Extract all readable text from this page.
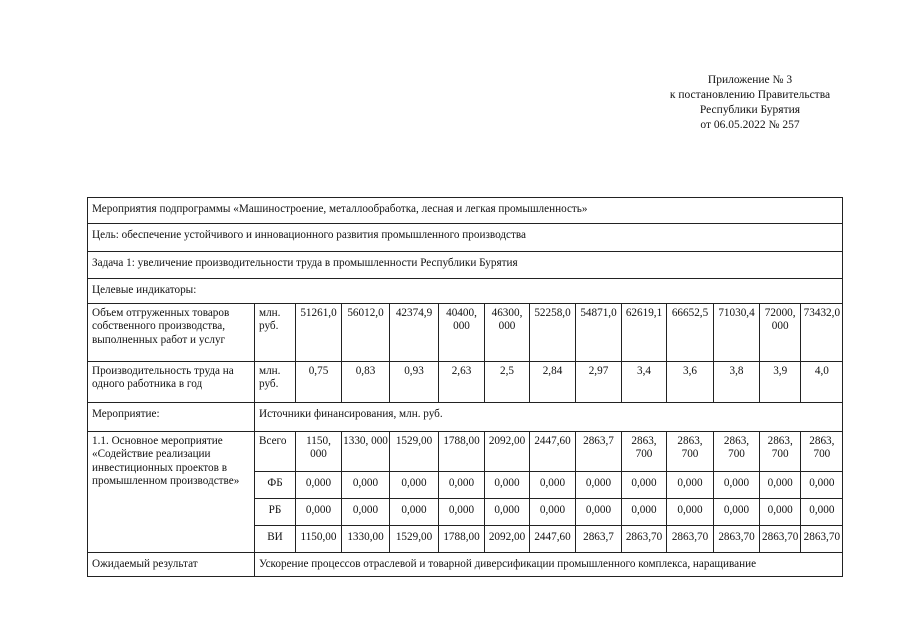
Приложение № 3
к постановлению Правительства
Республики Бурятия
от 06.05.2022 № 257
Мероприятия подпрограммы «Машиностроение, металлообработка, лесная и легкая промышленность»													
Цель: обеспечение устойчивого и инновационного развития промышленного производства													
Задача 1: увеличение производительности труда в промышленности Республики Бурятия													
Целевые индикаторы:													
Объем отгруженных товаров собственного производства, выполненных работ и услуг	млн. руб.	51261,0	56012,0	42374,9	40400, 000	46300, 000	52258,0	54871,0	62619,1	66652,5	71030,4	72000, 000	73432,0
Производительность труда на одного работника в год	млн. руб.	0,75	0,83	0,93	2,63	2,5	2,84	2,97	3,4	3,6	3,8	3,9	4,0
Мероприятие:	Источники финансирования, млн. руб.												
1.1. Основное мероприятие «Содействие реализации инвестиционных проектов в промышленном производстве»	Всего	1150, 000	1330, 000	1529,00	1788,00	2092,00	2447,60	2863,7	2863, 700	2863, 700	2863, 700	2863, 700	2863, 700
	ФБ	0,000	0,000	0,000	0,000	0,000	0,000	0,000	0,000	0,000	0,000	0,000	0,000
	РБ	0,000	0,000	0,000	0,000	0,000	0,000	0,000	0,000	0,000	0,000	0,000	0,000
	ВИ	1150,00	1330,00	1529,00	1788,00	2092,00	2447,60	2863,7	2863,70	2863,70	2863,70	2863,70	2863,70
Ожидаемый результат	Ускорение процессов отраслевой и товарной диверсификации промышленного комплекса, наращивание												
